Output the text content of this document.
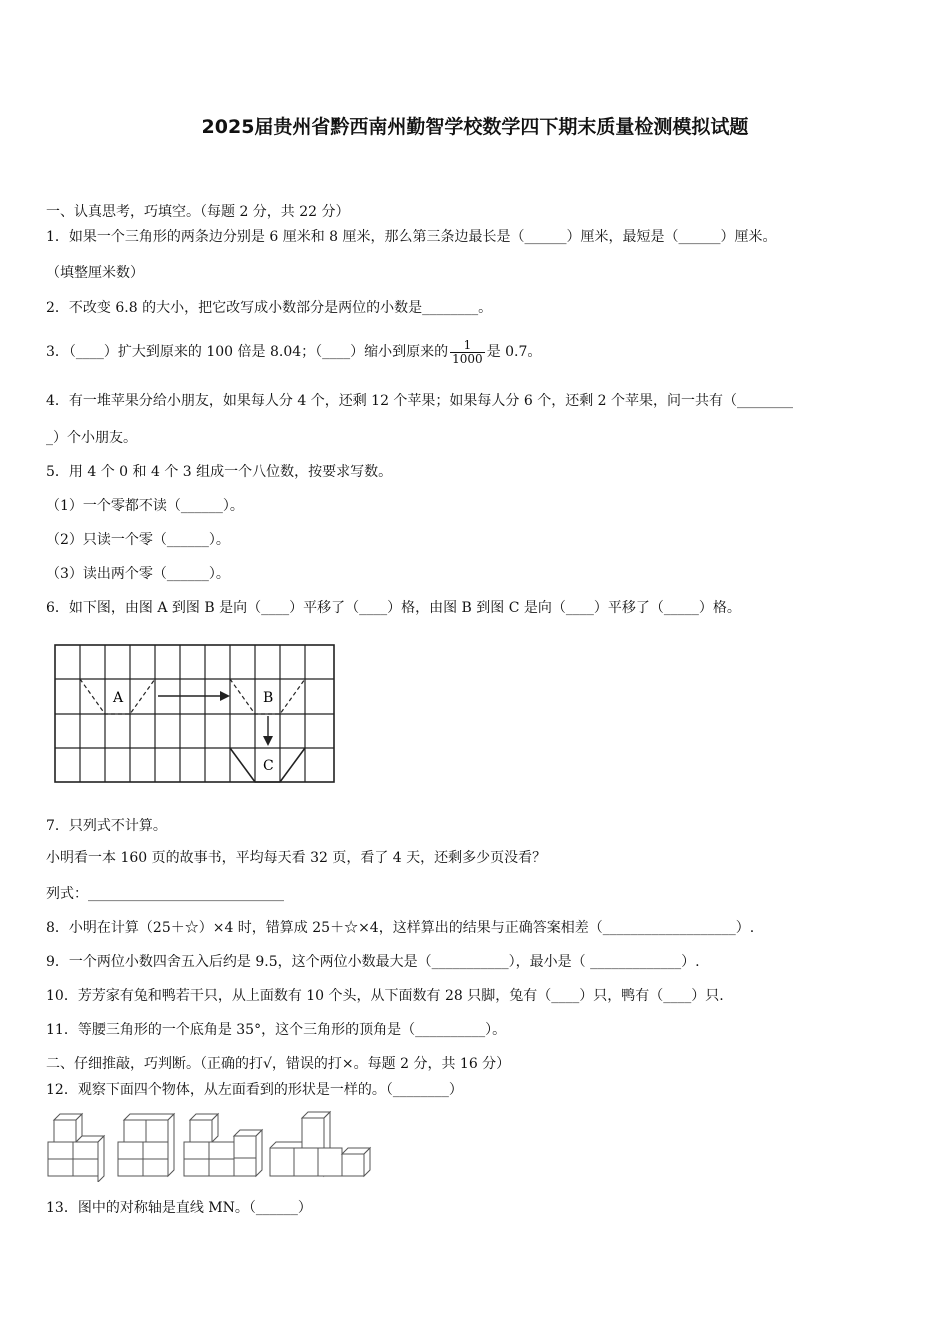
2025届贵州省黔西南州勤智学校数学四下期末质量检测模拟试题
一、认真思考，巧填空。（每题 2 分，共 22 分）
1．如果一个三角形的两条边分别是 6 厘米和 8 厘米，那么第三条边最长是（______）厘米，最短是（______）厘米。
（填整厘米数）
2．不改变 6.8 的大小，把它改写成小数部分是两位的小数是________。
3．（____）扩大到原来的 100 倍是 8.04；（____）缩小到原来的 $\frac{1}{1000}$ 是 0.7。
4．有一堆苹果分给小朋友，如果每人分 4 个，还剩 12 个苹果；如果每人分 6 个，还剩 2 个苹果，问一共有（________
_）个小朋友。
5．用 4 个 0 和 4 个 3 组成一个八位数，按要求写数。
（1）一个零都不读（______）。
（2）只读一个零（______）。
（3）读出两个零（______）。
6．如下图，由图 A 到图 B 是向（____）平移了（____）格，由图 B 到图 C 是向（____）平移了（_____）格。
A	B
C
7．只列式不计算。
小明看一本 160 页的故事书，平均每天看 32 页，看了 4 天，还剩多少页没看？
列式：____________________________
8．小明在计算（25＋☆）×4 时，错算成 25＋☆×4，这样算出的结果与正确答案相差（___________________）.
9．一个两位小数四舍五入后约是 9.5，这个两位小数最大是（___________），最小是（ _____________）.
10．芳芳家有兔和鸭若干只，从上面数有 10 个头，从下面数有 28 只脚，兔有（____）只，鸭有（____）只.
11．等腰三角形的一个底角是 35°，这个三角形的顶角是（__________）。
二、仔细推敲，巧判断。（正确的打√，错误的打×。每题 2 分，共 16 分）
12．观察下面四个物体，从左面看到的形状是一样的。（________）
13．图中的对称轴是直线 MN。（______）
